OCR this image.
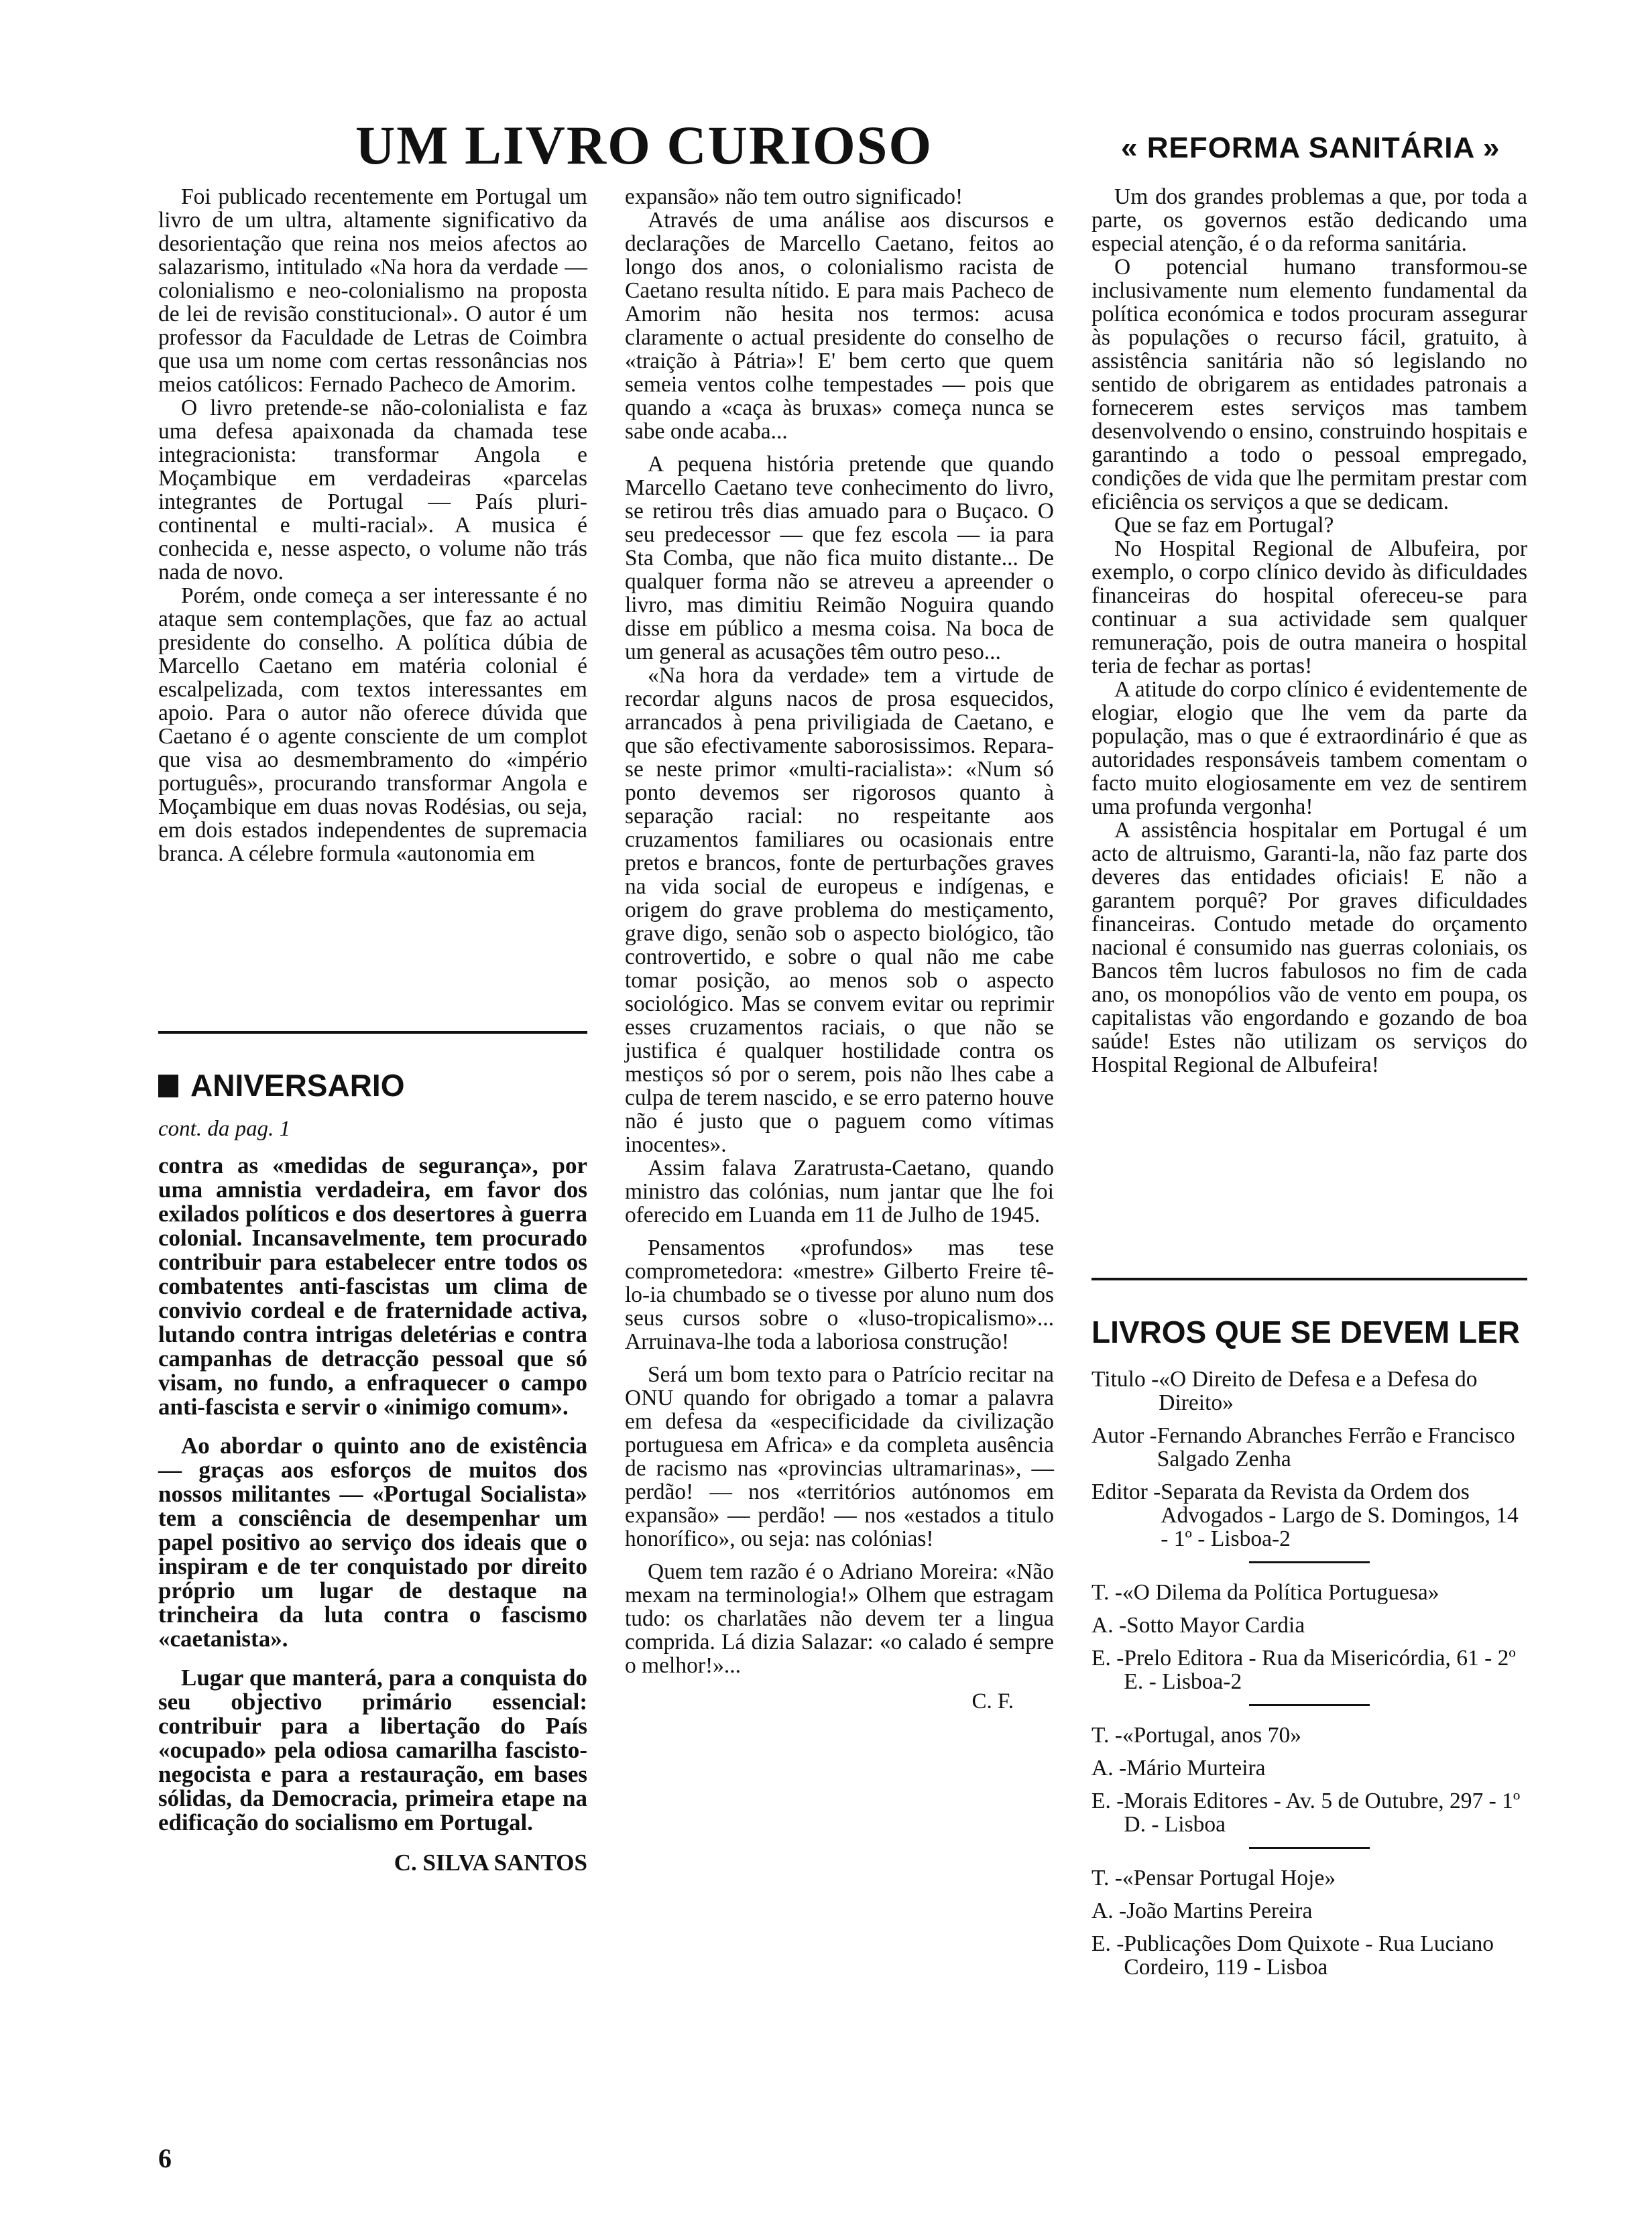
UM LIVRO CURIOSO	« REFORMA SANITÁRIA »

Foi publicado recentemente em Portugal um livro de um ultra, altamente significativo da desorientação que reina nos meios afectos ao salazarismo, intitulado «Na hora da verdade — colonialismo e neo-colonialismo na proposta de lei de revisão constitucional». O autor é um professor da Faculdade de Letras de Coimbra que usa um nome com certas ressonâncias nos meios católicos: Fernado Pacheco de Amorim.

O livro pretende-se não-colonialista e faz uma defesa apaixonada da chamada tese integracionista: transformar Angola e Moçambique em verdadeiras «parcelas integrantes de Portugal — País pluri-continental e multi-racial». A musica é conhecida e, nesse aspecto, o volume não trás nada de novo.

Porém, onde começa a ser interessante é no ataque sem contemplações, que faz ao actual presidente do conselho. A política dúbia de Marcello Caetano em matéria colonial é escalpelizada, com textos interessantes em apoio. Para o autor não oferece dúvida que Caetano é o agente consciente de um complot que visa ao desmembramento do «império português», procurando transformar Angola e Moçambique em duas novas Rodésias, ou seja, em dois estados independentes de supremacia branca. A célebre formula «autonomia em

ANIVERSARIO
cont. da pag. 1

contra as «medidas de segurança», por uma amnistia verdadeira, em favor dos exilados políticos e dos desertores à guerra colonial. Incansavelmente, tem procurado contribuir para estabelecer entre todos os combatentes anti-fascistas um clima de convivio cordeal e de fraternidade activa, lutando contra intrigas deletérias e contra campanhas de detracção pessoal que só visam, no fundo, a enfraquecer o campo anti-fascista e servir o «inimigo comum».

Ao abordar o quinto ano de existência — graças aos esforços de muitos dos nossos militantes — «Portugal Socialista» tem a consciência de desempenhar um papel positivo ao serviço dos ideais que o inspiram e de ter conquistado por direito próprio um lugar de destaque na trincheira da luta contra o fascismo «caetanista».

Lugar que manterá, para a conquista do seu objectivo primário essencial: contribuir para a libertação do País «ocupado» pela odiosa camarilha fascisto-negocista e para a restauração, em bases sólidas, da Democracia, primeira etape na edificação do socialismo em Portugal.

C. SILVA SANTOS

expansão» não tem outro significado!

Através de uma análise aos discursos e declarações de Marcello Caetano, feitos ao longo dos anos, o colonialismo racista de Caetano resulta nítido. E para mais Pacheco de Amorim não hesita nos termos: acusa claramente o actual presidente do conselho de «traição à Pátria»! E' bem certo que quem semeia ventos colhe tempestades — pois que quando a «caça às bruxas» começa nunca se sabe onde acaba...

A pequena história pretende que quando Marcello Caetano teve conhecimento do livro, se retirou três dias amuado para o Buçaco. O seu predecessor — que fez escola — ia para Sta Comba, que não fica muito distante... De qualquer forma não se atreveu a apreender o livro, mas dimitiu Reimão Noguira quando disse em público a mesma coisa. Na boca de um general as acusações têm outro peso...

«Na hora da verdade» tem a virtude de recordar alguns nacos de prosa esquecidos, arrancados à pena priviligiada de Caetano, e que são efectivamente saborosissimos. Repara-se neste primor «multi-racialista»: «Num só ponto devemos ser rigorosos quanto à separação racial: no respeitante aos cruzamentos familiares ou ocasionais entre pretos e brancos, fonte de perturbações graves na vida social de europeus e indígenas, e origem do grave problema do mestiçamento, grave digo, senão sob o aspecto biológico, tão controvertido, e sobre o qual não me cabe tomar posição, ao menos sob o aspecto sociológico. Mas se convem evitar ou reprimir esses cruzamentos raciais, o que não se justifica é qualquer hostilidade contra os mestiços só por o serem, pois não lhes cabe a culpa de terem nascido, e se erro paterno houve não é justo que o paguem como vítimas inocentes».

Assim falava Zaratrusta-Caetano, quando ministro das colónias, num jantar que lhe foi oferecido em Luanda em 11 de Julho de 1945.

Pensamentos «profundos» mas tese comprometedora: «mestre» Gilberto Freire tê-lo-ia chumbado se o tivesse por aluno num dos seus cursos sobre o «luso-tropicalismo»... Arruinava-lhe toda a laboriosa construção!

Será um bom texto para o Patrício recitar na ONU quando for obrigado a tomar a palavra em defesa da «especificidade da civilização portuguesa em Africa» e da completa ausência de racismo nas «provincias ultramarinas», — perdão! — nos «territórios autónomos em expansão» — perdão! — nos «estados a titulo honorífico», ou seja: nas colónias!

Quem tem razão é o Adriano Moreira: «Não mexam na terminologia!» Olhem que estragam tudo: os charlatães não devem ter a lingua comprida. Lá dizia Salazar: «o calado é sempre o melhor!»...

C. F.

Um dos grandes problemas a que, por toda a parte, os governos estão dedicando uma especial atenção, é o da reforma sanitária.

O potencial humano transformou-se inclusivamente num elemento fundamental da política económica e todos procuram assegurar às populações o recurso fácil, gratuito, à assistência sanitária não só legislando no sentido de obrigarem as entidades patronais a fornecerem estes serviços mas tambem desenvolvendo o ensino, construindo hospitais e garantindo a todo o pessoal empregado, condições de vida que lhe permitam prestar com eficiência os serviços a que se dedicam.

Que se faz em Portugal?

No Hospital Regional de Albufeira, por exemplo, o corpo clínico devido às dificuldades financeiras do hospital ofereceu-se para continuar a sua actividade sem qualquer remuneração, pois de outra maneira o hospital teria de fechar as portas!

A atitude do corpo clínico é evidentemente de elogiar, elogio que lhe vem da parte da população, mas o que é extraordinário é que as autoridades responsáveis tambem comentam o facto muito elogiosamente em vez de sentirem uma profunda vergonha!

A assistência hospitalar em Portugal é um acto de altruismo, Garanti-la, não faz parte dos deveres das entidades oficiais! E não a garantem porquê? Por graves dificuldades financeiras. Contudo metade do orçamento nacional é consumido nas guerras coloniais, os Bancos têm lucros fabulosos no fim de cada ano, os monopólios vão de vento em poupa, os capitalistas vão engordando e gozando de boa saúde! Estes não utilizam os serviços do Hospital Regional de Albufeira!

LIVROS QUE SE DEVEM LER
Titulo - «O Direito de Defesa e a Defesa do Direito»
Autor - Fernando Abranches Ferrão e Francisco Salgado Zenha
Editor - Separata da Revista da Ordem dos Advogados - Largo de S. Domingos, 14 - 1º - Lisboa-2
T. - «O Dilema da Política Portuguesa»
A. - Sotto Mayor Cardia
E. - Prelo Editora - Rua da Misericórdia, 61 - 2º E. - Lisboa-2
T. - «Portugal, anos 70»
A. - Mário Murteira
E. - Morais Editores - Av. 5 de Outubre, 297 - 1º D. - Lisboa
T. - «Pensar Portugal Hoje»
A. - João Martins Pereira
E. - Publicações Dom Quixote - Rua Luciano Cordeiro, 119 - Lisboa
6
